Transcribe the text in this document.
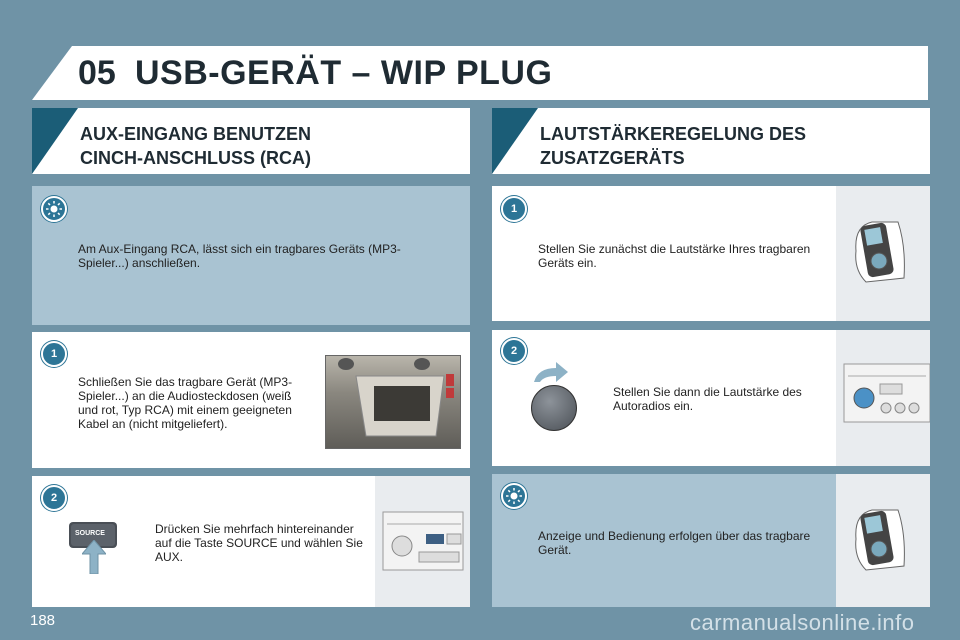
05 USB-GERÄT – WIP PLUG
AUX-EINGANG BENUTZEN
CINCH-ANSCHLUSS (RCA)
LAUTSTÄRKEREGELUNG DES
ZUSATZGERÄTS
Am Aux-Eingang RCA, lässt sich ein tragbares Geräts (MP3-Spieler...) anschließen.
1
Schließen Sie das tragbare Gerät (MP3-Spieler...) an die Audiosteckdosen (weiß und rot, Typ RCA) mit einem geeigneten Kabel an (nicht mitgeliefert).
2
SOURCE	Drücken Sie mehrfach hintereinander auf die Taste SOURCE und wählen Sie AUX.
1
Stellen Sie zunächst die Lautstärke Ihres tragbaren Geräts ein.
2
Stellen Sie dann die Lautstärke des Autoradios ein.
Anzeige und Bedienung erfolgen über das tragbare Gerät.
188	carmanualsonline.info
